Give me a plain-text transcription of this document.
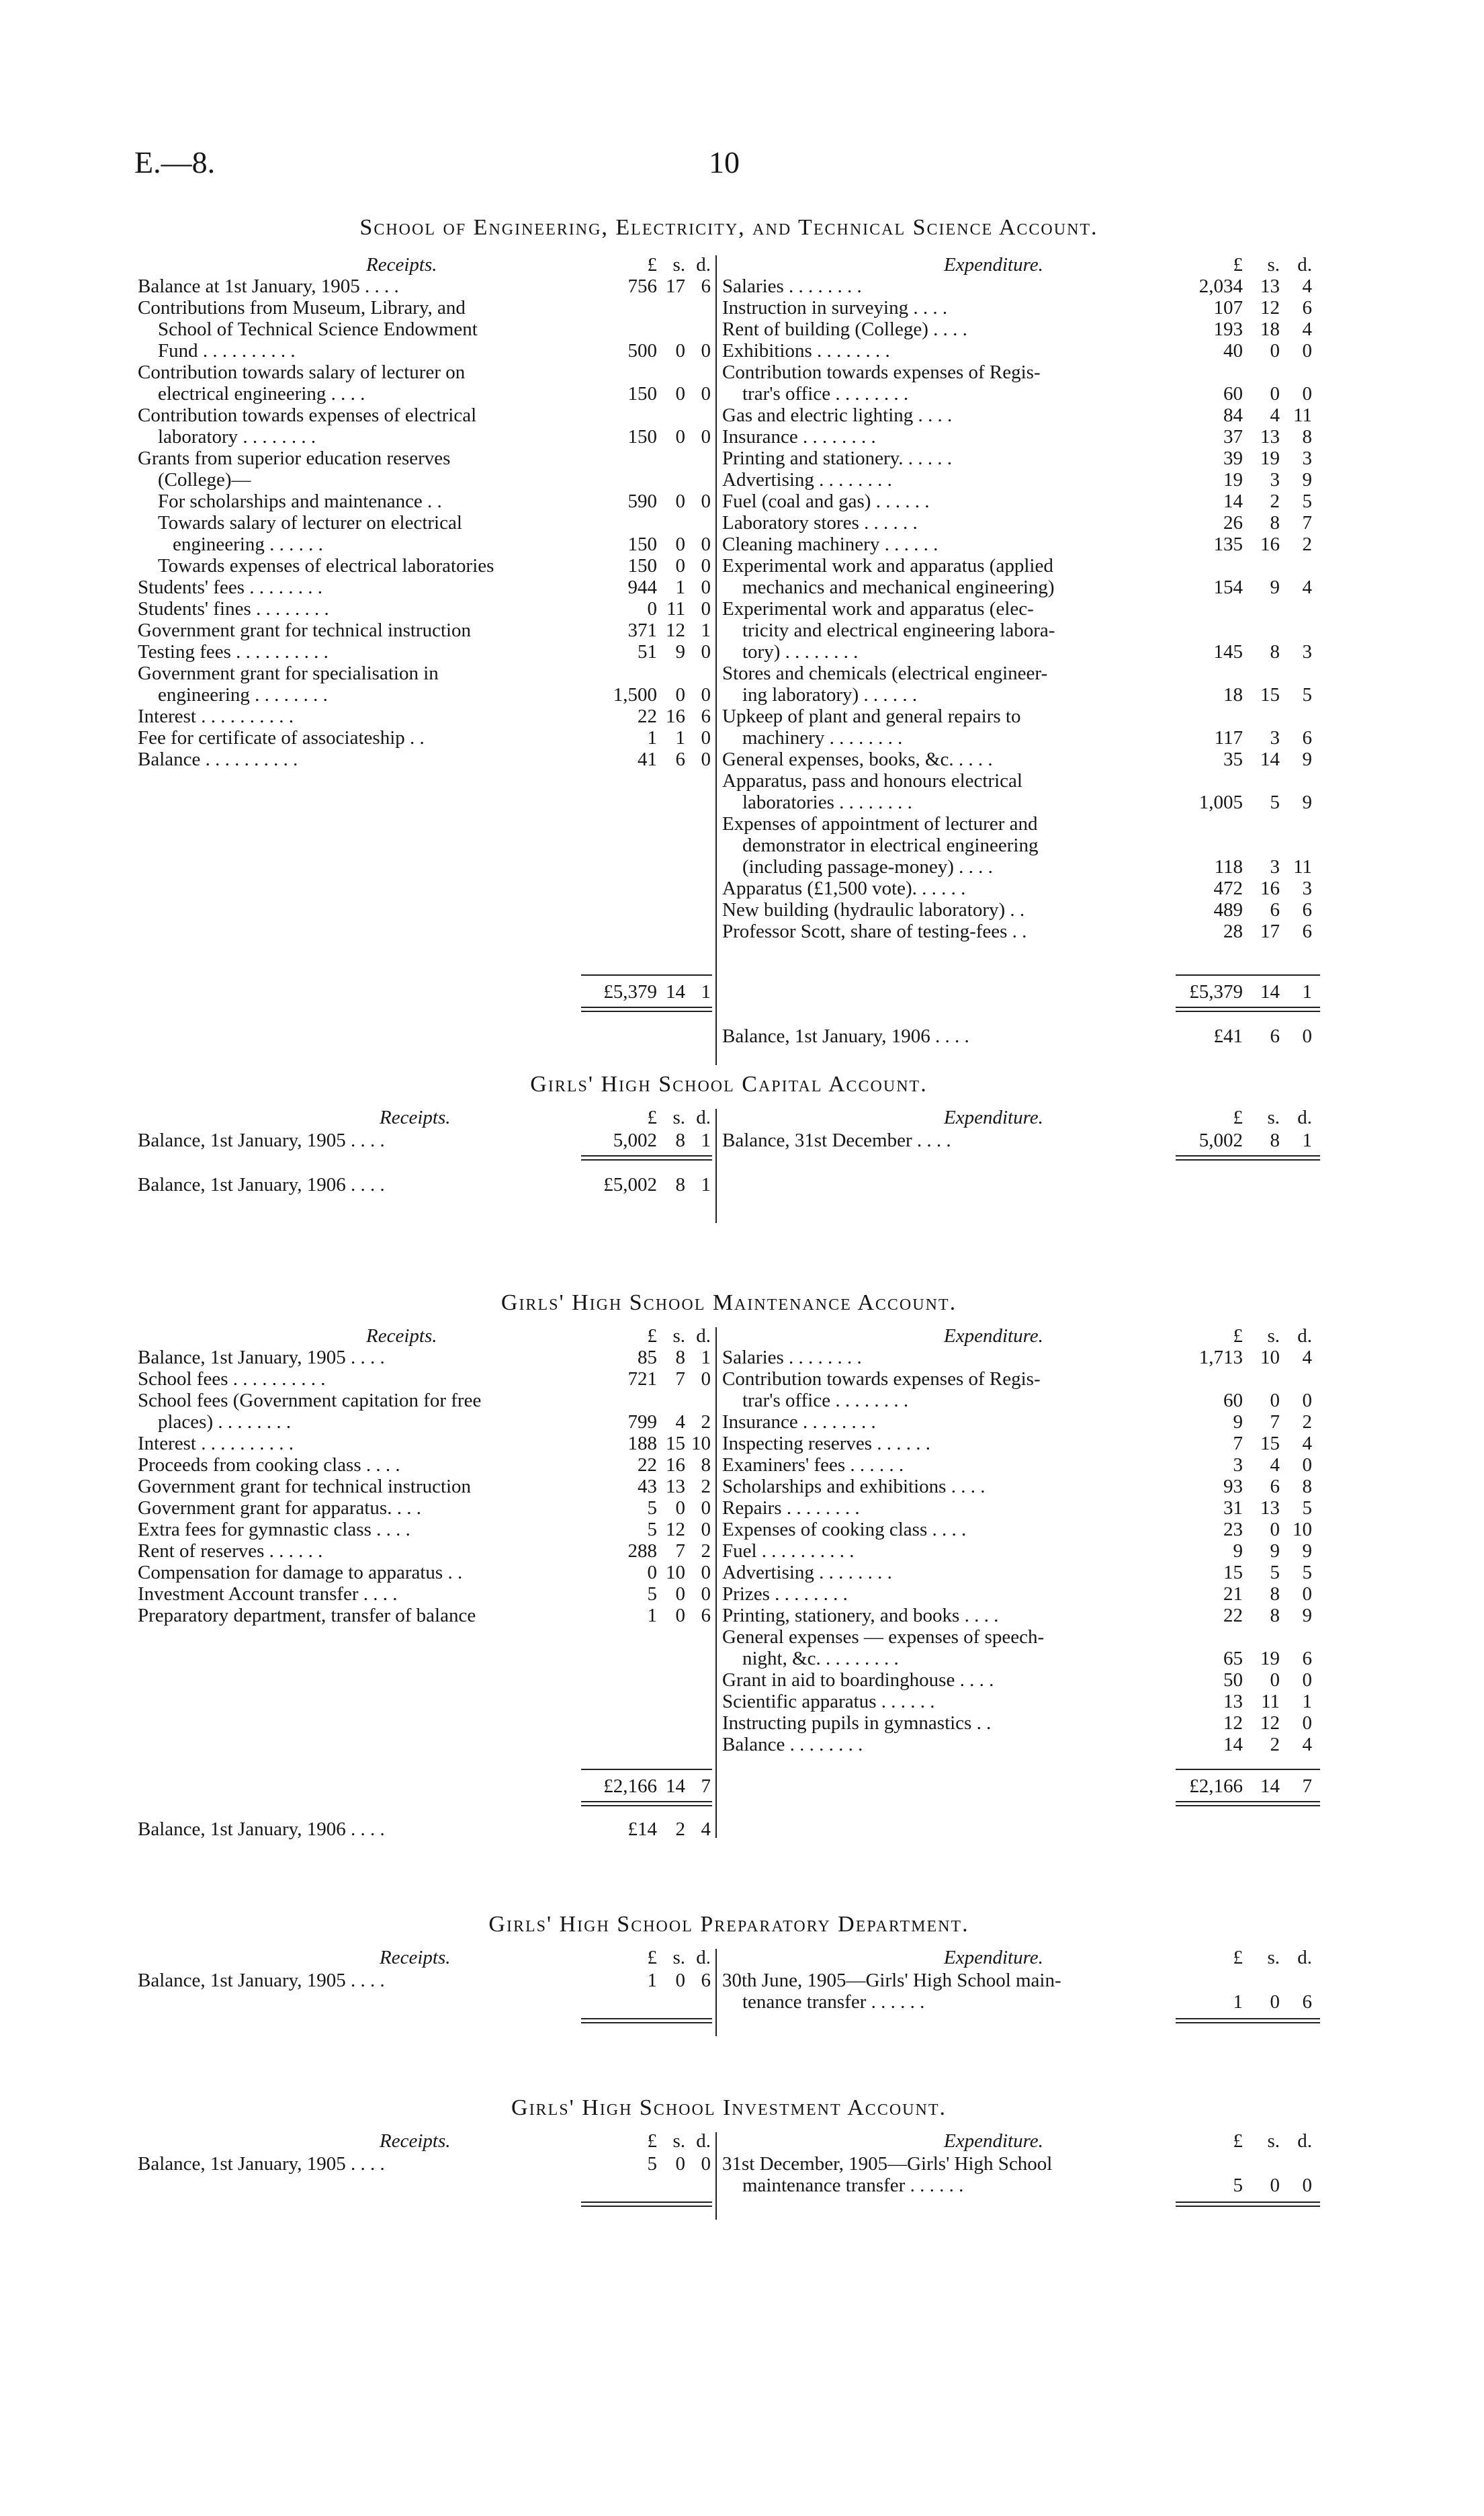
E.—8.	10
School of Engineering, Electricity, and Technical Science Account.
Receipts.	£ s. d.
Balance at 1st January, 1905 . . . .	756 17 6
Contributions from Museum, Library, and
School of Technical Science Endowment
Fund . . . . . . . . . .	500 0 0
Contribution towards salary of lecturer on
electrical engineering . . . .	150 0 0
Contribution towards expenses of electrical
laboratory . . . . . . . .	150 0 0
Grants from superior education reserves
(College)—
For scholarships and maintenance . .	590 0 0
Towards salary of lecturer on electrical
engineering . . . . . .	150 0 0
Towards expenses of electrical laboratories	150 0 0
Students' fees . . . . . . . .	944 1 0
Students' fines . . . . . . . .	0 11 0
Government grant for technical instruction	371 12 1
Testing fees . . . . . . . . . .	51 9 0
Government grant for specialisation in
engineering . . . . . . . .	1,500 0 0
Interest . . . . . . . . . .	22 16 6
Fee for certificate of associateship . .	1 1 0
Balance . . . . . . . . . .	41 6 0
£5,379 14 1
Expenditure.	£ s. d.
Salaries . . . . . . . .	2,034 13 4
Instruction in surveying . . . .	107 12 6
Rent of building (College) . . . .	193 18 4
Exhibitions . . . . . . . .	40 0 0
Contribution towards expenses of Regis-
trar's office . . . . . . . .	60 0 0
Gas and electric lighting . . . .	84 4 11
Insurance . . . . . . . .	37 13 8
Printing and stationery. . . . . .	39 19 3
Advertising . . . . . . . .	19 3 9
Fuel (coal and gas) . . . . . .	14 2 5
Laboratory stores . . . . . .	26 8 7
Cleaning machinery . . . . . .	135 16 2
Experimental work and apparatus (applied
mechanics and mechanical engineering)	154 9 4
Experimental work and apparatus (elec-
tricity and electrical engineering labora-
tory) . . . . . . . .	145 8 3
Stores and chemicals (electrical engineer-
ing laboratory) . . . . . .	18 15 5
Upkeep of plant and general repairs to
machinery . . . . . . . .	117 3 6
General expenses, books, &c. . . . .	35 14 9
Apparatus, pass and honours electrical
laboratories . . . . . . . .	1,005 5 9
Expenses of appointment of lecturer and
demonstrator in electrical engineering
(including passage-money) . . . .	118 3 11
Apparatus (£1,500 vote). . . . . .	472 16 3
New building (hydraulic laboratory) . .	489 6 6
Professor Scott, share of testing-fees . .	28 17 6
£5,379 14 1
Balance, 1st January, 1906 . . . .	£41 6 0
Girls' High School Capital Account.
Receipts.	£ s. d.
Balance, 1st January, 1905 . . . .	5,002 8 1
Balance, 1st January, 1906 . . . .	£5,002 8 1
Expenditure.	£ s. d.
Balance, 31st December . . . .	5,002 8 1
Girls' High School Maintenance Account.
Receipts.	£ s. d.
Balance, 1st January, 1905 . . . .	85 8 1
School fees . . . . . . . . . .	721 7 0
School fees (Government capitation for free
places) . . . . . . . .	799 4 2
Interest . . . . . . . . . .	188 15 10
Proceeds from cooking class . . . .	22 16 8
Government grant for technical instruction	43 13 2
Government grant for apparatus. . . .	5 0 0
Extra fees for gymnastic class . . . .	5 12 0
Rent of reserves . . . . . .	288 7 2
Compensation for damage to apparatus . .	0 10 0
Investment Account transfer . . . .	5 0 0
Preparatory department, transfer of balance	1 0 6
£2,166 14 7
Balance, 1st January, 1906 . . . .	£14 2 4
Expenditure.	£ s. d.
Salaries . . . . . . . .	1,713 10 4
Contribution towards expenses of Regis-
trar's office . . . . . . . .	60 0 0
Insurance . . . . . . . .	9 7 2
Inspecting reserves . . . . . .	7 15 4
Examiners' fees . . . . . .	3 4 0
Scholarships and exhibitions . . . .	93 6 8
Repairs . . . . . . . .	31 13 5
Expenses of cooking class . . . .	23 0 10
Fuel . . . . . . . . . .	9 9 9
Advertising . . . . . . . .	15 5 5
Prizes . . . . . . . .	21 8 0
Printing, stationery, and books . . . .	22 8 9
General expenses — expenses of speech-
night, &c. . . . . . . . .	65 19 6
Grant in aid to boardinghouse . . . .	50 0 0
Scientific apparatus . . . . . .	13 11 1
Instructing pupils in gymnastics . .	12 12 0
Balance . . . . . . . .	14 2 4
£2,166 14 7
Girls' High School Preparatory Department.
Receipts.	£ s. d.
Balance, 1st January, 1905 . . . .	1 0 6
Expenditure.	£ s. d.
30th June, 1905—Girls' High School main-
tenance transfer . . . . . .	1 0 6
Girls' High School Investment Account.
Receipts.	£ s. d.
Balance, 1st January, 1905 . . . .	5 0 0
Expenditure.	£ s. d.
31st December, 1905—Girls' High School
maintenance transfer . . . . . .	5 0 0
